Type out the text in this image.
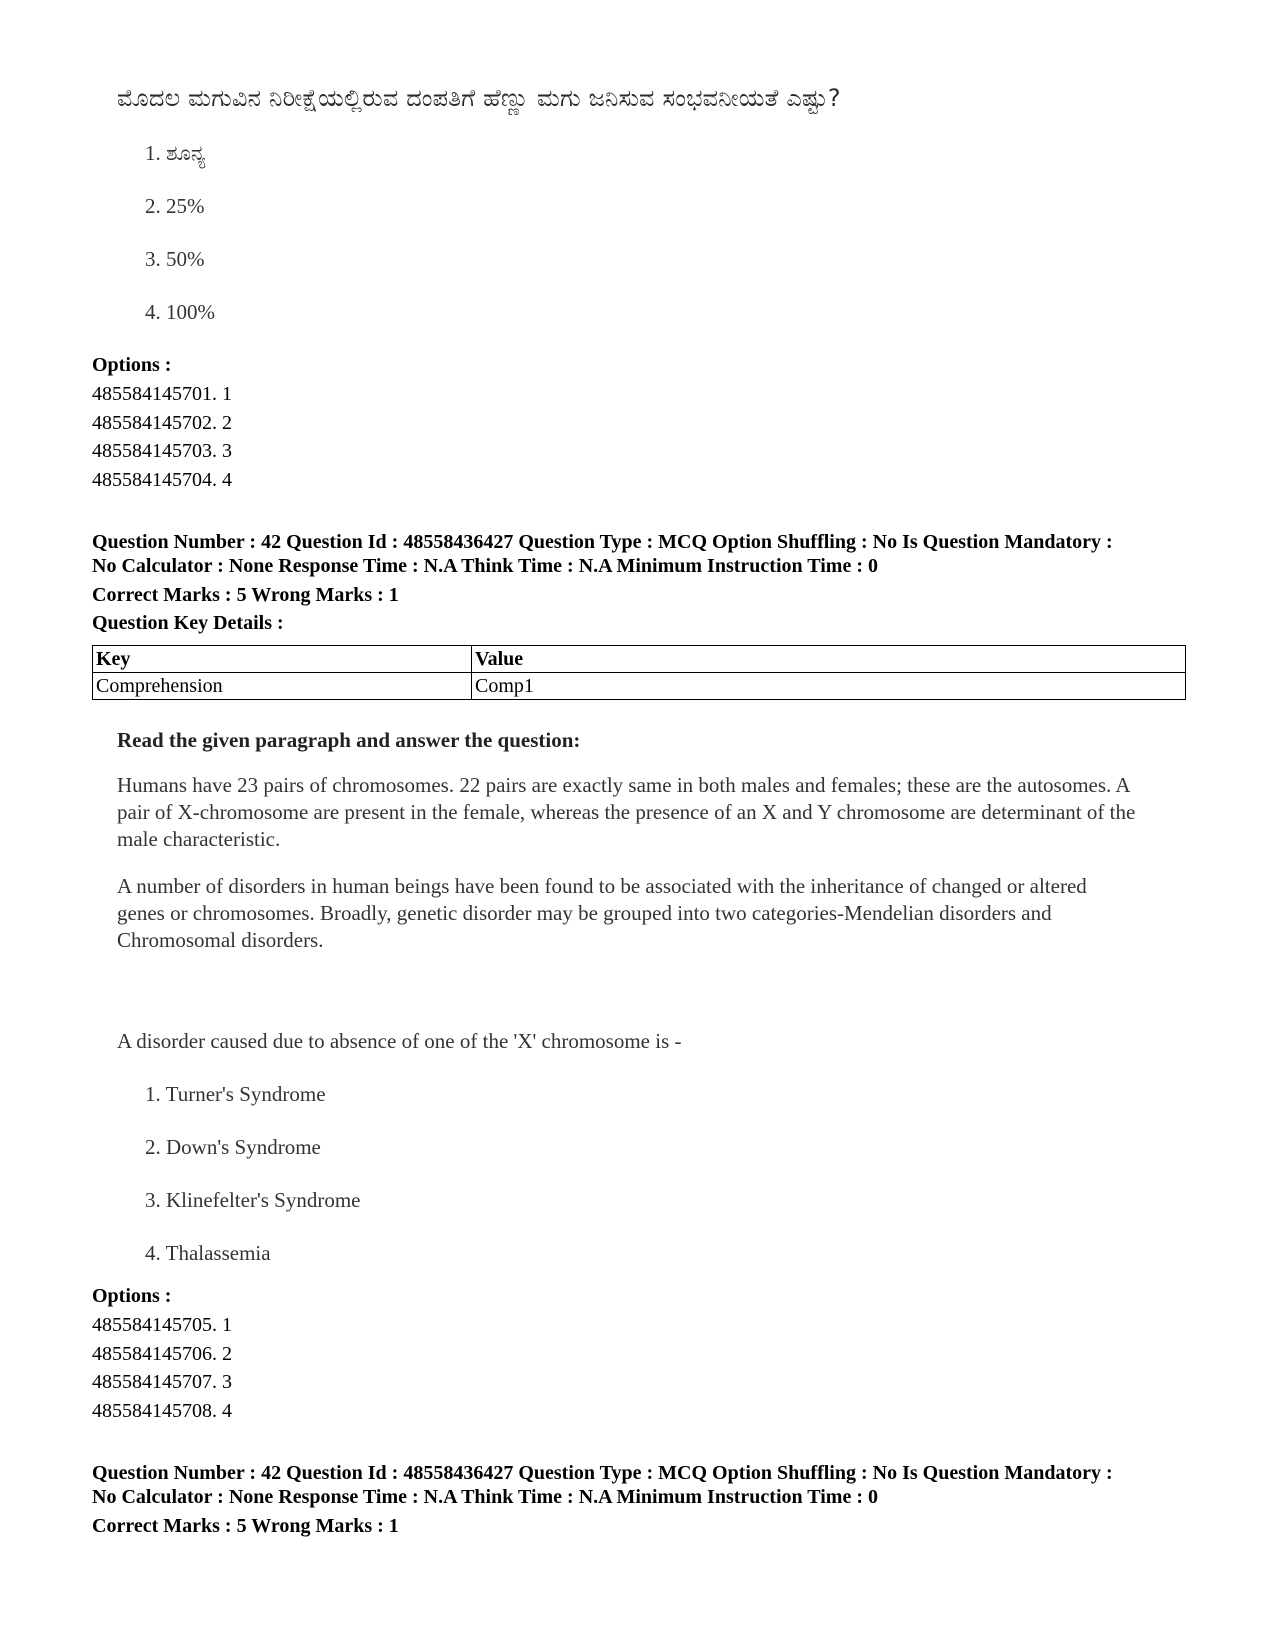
ಮೊದಲ ಮಗುವಿನ ನಿರೀಕ್ಷೆಯಲ್ಲಿರುವ ದಂಪತಿಗೆ ಹೆಣ್ಣು ಮಗು ಜನಿಸುವ ಸಂಭವನೀಯತೆ ಎಷ್ಟು?
1. ಶೂನ್ಯ
2. 25%
3. 50%
4. 100%
Options :
485584145701. 1
485584145702. 2
485584145703. 3
485584145704. 4
Question Number : 42 Question Id : 48558436427 Question Type : MCQ Option Shuffling : No Is Question Mandatory :
No Calculator : None Response Time : N.A Think Time : N.A Minimum Instruction Time : 0
Correct Marks : 5 Wrong Marks : 1
Question Key Details :
Key	Value
Comprehension	Comp1
Read the given paragraph and answer the question:
Humans have 23 pairs of chromosomes. 22 pairs are exactly same in both males and females; these are the autosomes. A pair of X-chromosome are present in the female, whereas the presence of an X and Y chromosome are determinant of the male characteristic.
A number of disorders in human beings have been found to be associated with the inheritance of changed or altered genes or chromosomes. Broadly, genetic disorder may be grouped into two categories-Mendelian disorders and Chromosomal disorders.
A disorder caused due to absence of one of the 'X' chromosome is -
1. Turner's Syndrome
2. Down's Syndrome
3. Klinefelter's Syndrome
4. Thalassemia
Options :
485584145705. 1
485584145706. 2
485584145707. 3
485584145708. 4
Question Number : 42 Question Id : 48558436427 Question Type : MCQ Option Shuffling : No Is Question Mandatory :
No Calculator : None Response Time : N.A Think Time : N.A Minimum Instruction Time : 0
Correct Marks : 5 Wrong Marks : 1
